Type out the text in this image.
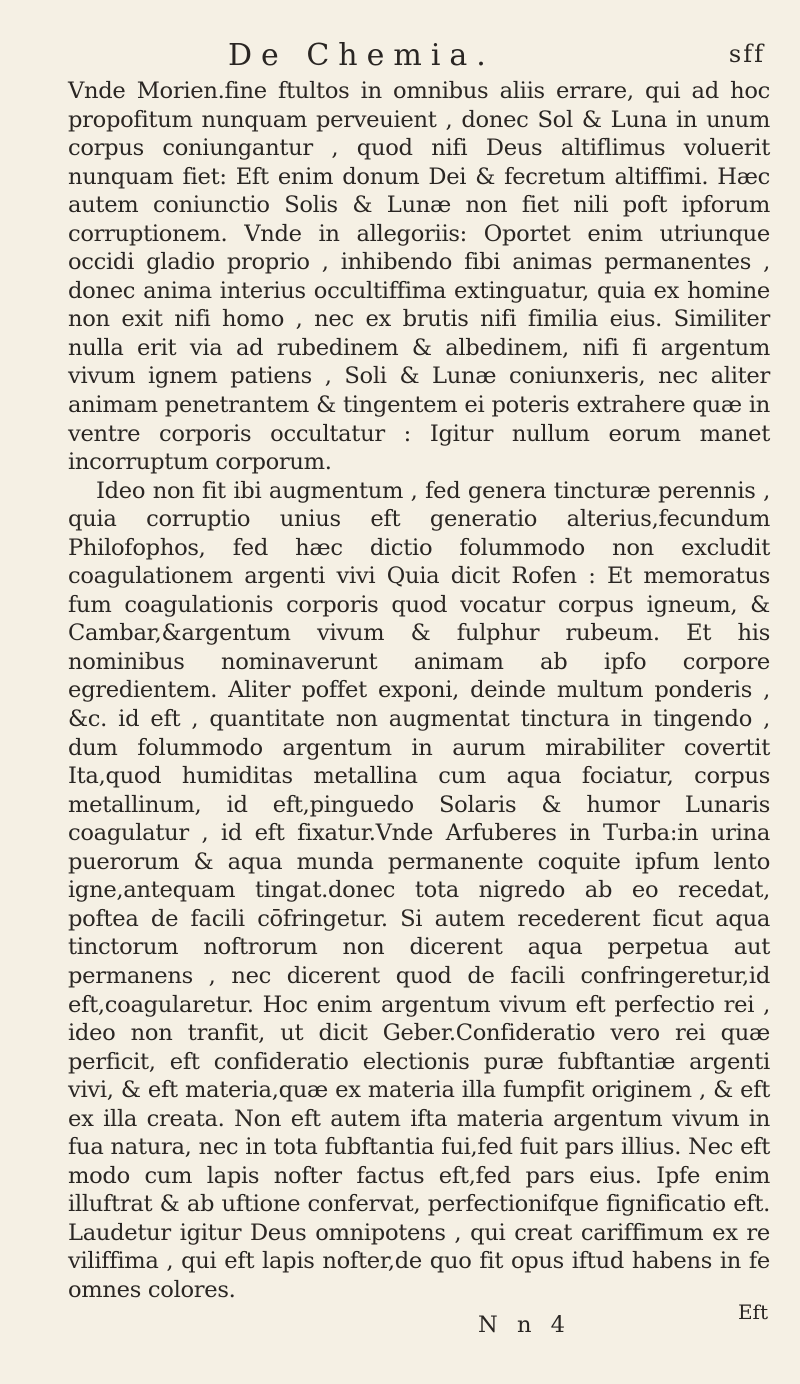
De Chemia.	sff

Vnde Morien.fine ftultos in omnibus aliis errare, qui ad hoc propofitum nunquam perveuient , donec Sol & Luna in unum corpus coniungantur , quod nifi Deus altiflimus voluerit nunquam fiet: Eft enim donum Dei & fecretum altiffimi. Hæc autem coniunctio Solis & Lunæ non fiet nili poft ipforum corruptionem. Vnde in allegoriis: Oportet enim utriunque occidi gladio proprio , inhibendo fibi animas permanentes , donec anima interius occultiffima extinguatur, quia ex homine non exit nifi homo , nec ex brutis nifi fimilia eius. Similiter nulla erit via ad rubedinem & albedinem, nifi fi argentum vivum ignem patiens , Soli & Lunæ coniunxeris, nec aliter animam penetrantem & tingentem ei poteris extrahere quæ in ventre corporis occultatur : Igitur nullum eorum manet incorruptum corporum.

Ideo non fit ibi augmentum , fed genera tincturæ perennis , quia corruptio unius eft generatio alterius,fecundum Philofophos, fed hæc dictio folummodo non excludit coagulationem argenti vivi Quia dicit Rofen : Et memoratus fum coagulationis corporis quod vocatur corpus igneum, & Cambar,&argentum vivum & fulphur rubeum. Et his nominibus nominaverunt animam ab ipfo corpore egredientem. Aliter poffet exponi, deinde multum ponderis , &c. id eft , quantitate non augmentat tinctura in tingendo , dum folummodo argentum in aurum mirabiliter covertit Ita,quod humiditas metallina cum aqua fociatur, corpus metallinum, id eft,pinguedo Solaris & humor Lunaris coagulatur , id eft fixatur.Vnde Arfuberes in Turba:in urina puerorum & aqua munda permanente coquite ipfum lento igne,antequam tingat.donec tota nigredo ab eo recedat, poftea de facili cōfringetur. Si autem recederent ficut aqua tinctorum noftrorum non dicerent aqua perpetua aut permanens , nec dicerent quod de facili confringeretur,id eft,coagularetur. Hoc enim argentum vivum eft perfectio rei , ideo non tranfit, ut dicit Geber.Confideratio vero rei quæ perficit, eft confideratio electionis puræ fubftantiæ argenti vivi, & eft materia,quæ ex materia illa fumpfit originem , & eft ex illa creata. Non eft autem ifta materia argentum vivum in fua natura, nec in tota fubftantia fui,fed fuit pars illius. Nec eft modo cum lapis nofter factus eft,fed pars eius. Ipfe enim illuftrat & ab uftione confervat, perfectionifque fignificatio eft. Laudetur igitur Deus omnipotens , qui creat cariffimum ex re viliffima , qui eft lapis nofter,de quo fit opus iftud habens in fe omnes colores.

N n 4	Eft
